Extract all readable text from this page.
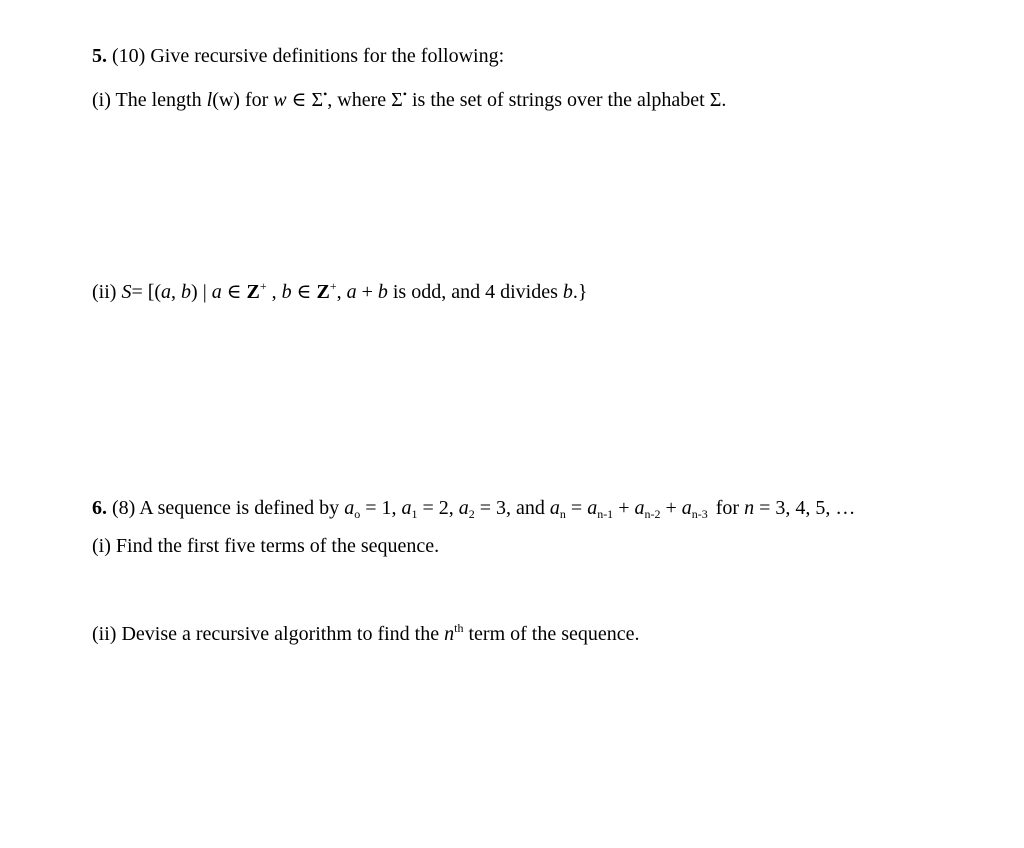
5. (10) Give recursive definitions for the following:
(i) The length l(w) for w ∈ Σ•, where Σ• is the set of strings over the alphabet Σ.
(ii) S= [(a, b) | a ∈ Z+ , b ∈ Z+, a + b is odd, and 4 divides b.}
6. (8) A sequence is defined by $a_o = 1$, $a_1 = 2$, $a_2 = 3$, and $a_n = a_{n-1} + a_{n-2} + a_{n-3}$ for n = 3, 4, 5, …
(i) Find the first five terms of the sequence.
(ii) Devise a recursive algorithm to find the $n^{th}$ term of the sequence.
